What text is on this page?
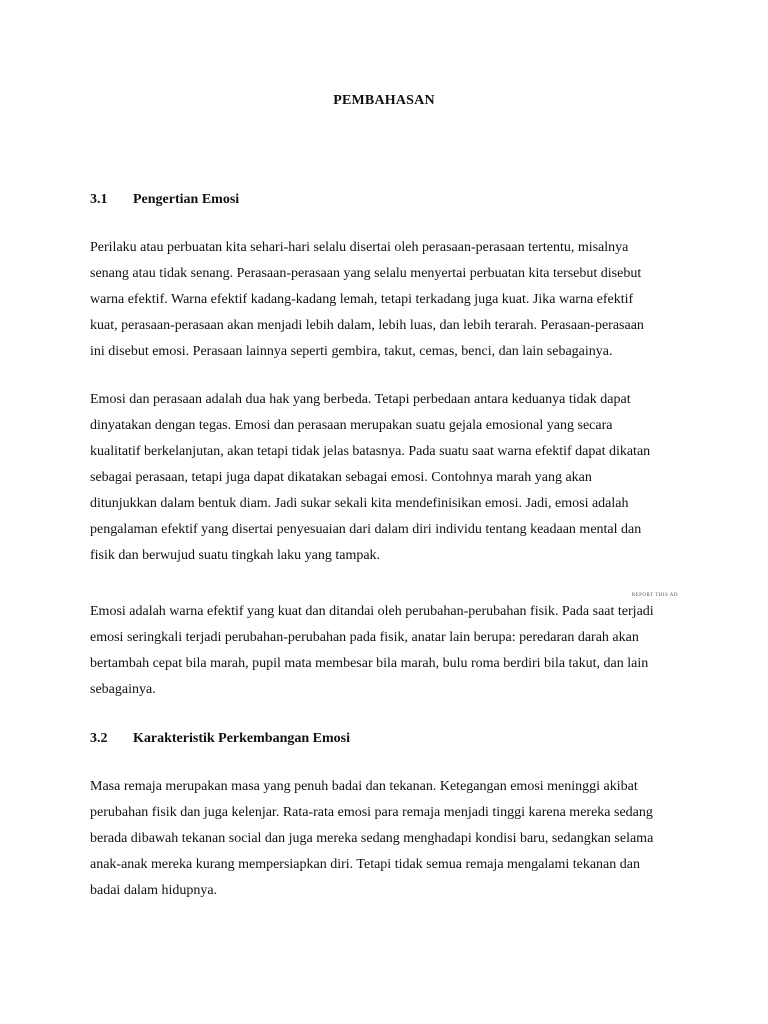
PEMBAHASAN
3.1 Pengertian Emosi
Perilaku atau perbuatan kita sehari-hari selalu disertai oleh perasaan-perasaan tertentu, misalnya
senang atau tidak senang. Perasaan-perasaan yang selalu menyertai perbuatan kita tersebut disebut
warna efektif. Warna efektif kadang-kadang lemah, tetapi terkadang juga kuat. Jika warna efektif
kuat, perasaan-perasaan akan menjadi lebih dalam, lebih luas, dan lebih terarah. Perasaan-perasaan
ini disebut emosi. Perasaan lainnya seperti gembira, takut, cemas, benci, dan lain sebagainya.
Emosi dan perasaan adalah dua hak yang berbeda. Tetapi perbedaan antara keduanya tidak dapat
dinyatakan dengan tegas. Emosi dan perasaan merupakan suatu gejala emosional yang secara
kualitatif berkelanjutan, akan tetapi tidak jelas batasnya. Pada suatu saat warna efektif dapat dikatan
sebagai perasaan, tetapi juga dapat dikatakan sebagai emosi. Contohnya marah yang akan
ditunjukkan dalam bentuk diam. Jadi sukar sekali kita mendefinisikan emosi. Jadi, emosi adalah
pengalaman efektif yang disertai penyesuaian dari dalam diri individu tentang keadaan mental dan
fisik dan berwujud suatu tingkah laku yang tampak.
REPORT THIS AD
Emosi adalah warna efektif yang kuat dan ditandai oleh perubahan-perubahan fisik. Pada saat terjadi
emosi seringkali terjadi perubahan-perubahan pada fisik, anatar lain berupa: peredaran darah akan
bertambah cepat bila marah, pupil mata membesar bila marah, bulu roma berdiri bila takut, dan lain
sebagainya.
3.2 Karakteristik Perkembangan Emosi
Masa remaja merupakan masa yang penuh badai dan tekanan. Ketegangan emosi meninggi akibat
perubahan fisik dan juga kelenjar. Rata-rata emosi para remaja menjadi tinggi karena mereka sedang
berada dibawah tekanan social dan juga mereka sedang menghadapi kondisi baru, sedangkan selama
anak-anak mereka kurang mempersiapkan diri. Tetapi tidak semua remaja mengalami tekanan dan
badai dalam hidupnya.
